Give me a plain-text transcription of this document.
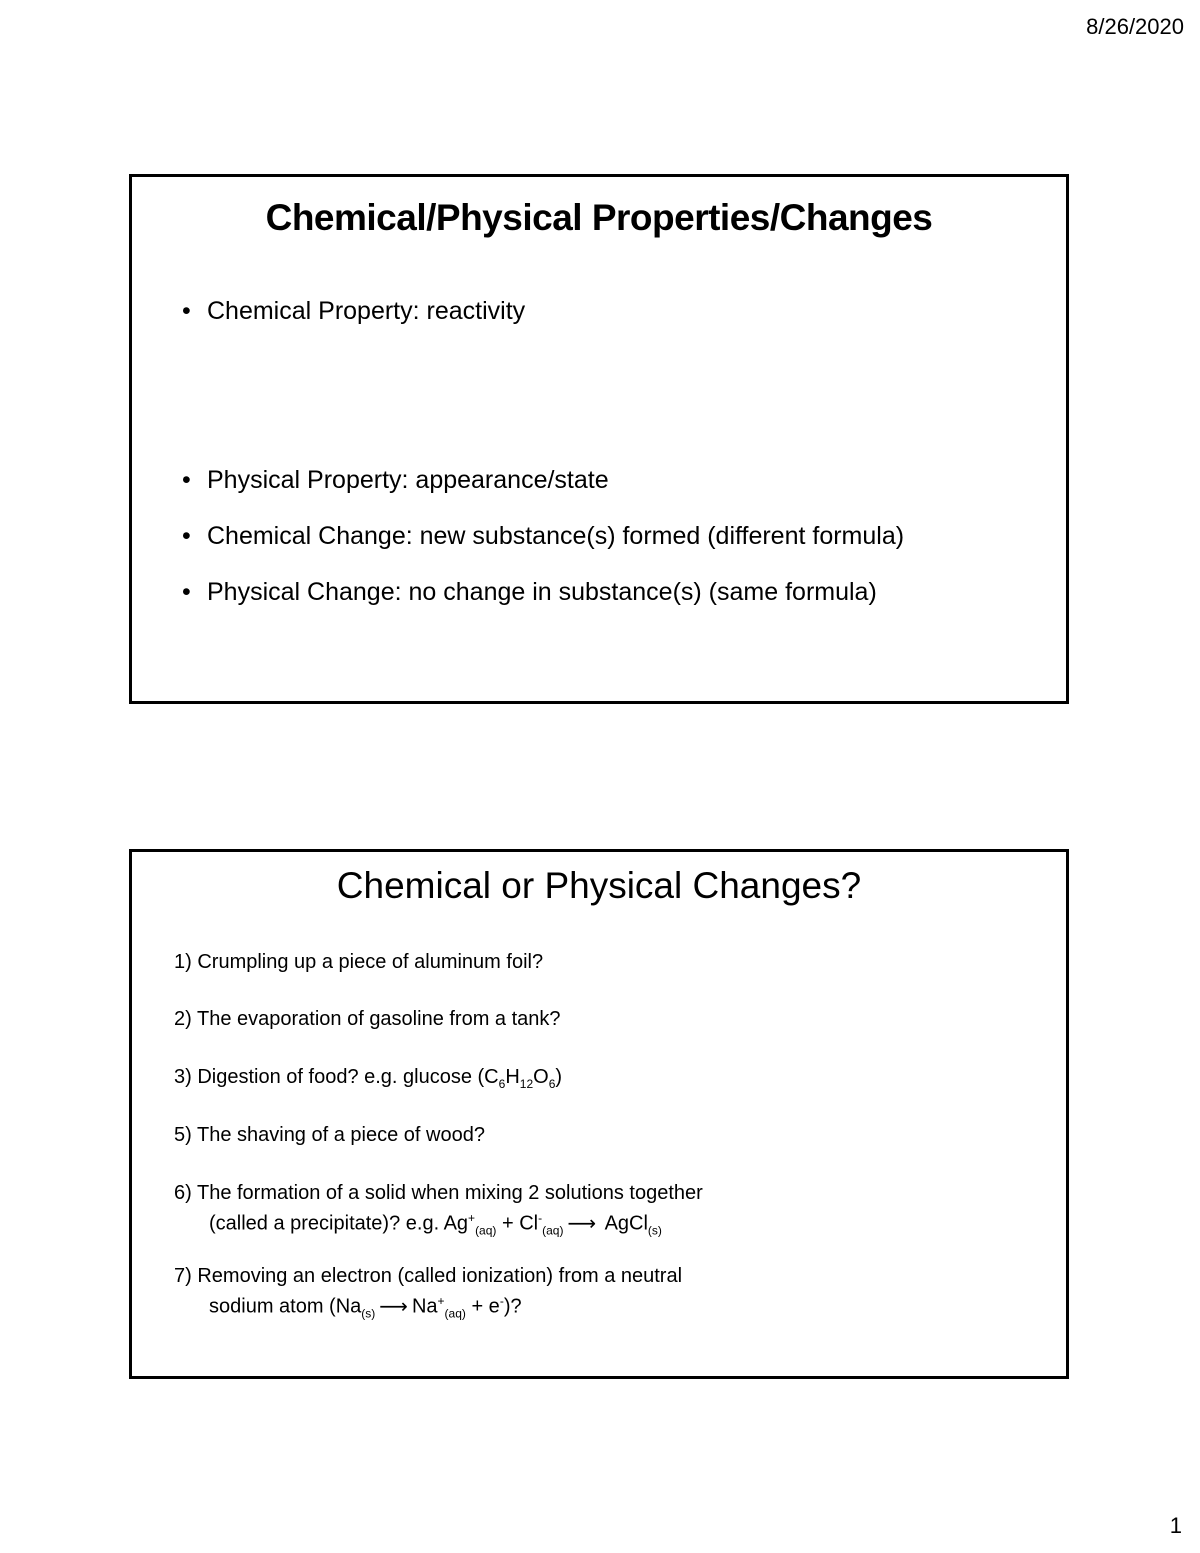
8/26/2020
Chemical/Physical Properties/Changes
• Chemical Property: reactivity
• Physical Property: appearance/state
• Chemical Change: new substance(s) formed (different formula)
• Physical Change: no change in substance(s) (same formula)
Chemical or Physical Changes?
1) Crumpling up a piece of aluminum foil?
2) The evaporation of gasoline from a tank?
3) Digestion of food? e.g. glucose $(C_6H_{12}O_6)$
5) The shaving of a piece of wood?
6) The formation of a solid when mixing 2 solutions together
(called a precipitate)? e.g. $Ag^+_{(aq)} + Cl^-_{(aq)}$ ⟶ AgCl$_{(s)}$
7) Removing an electron (called ionization) from a neutral
sodium atom ($Na_{(s)}$ ⟶ $Na^+_{(aq)} + e^-$)?
1
